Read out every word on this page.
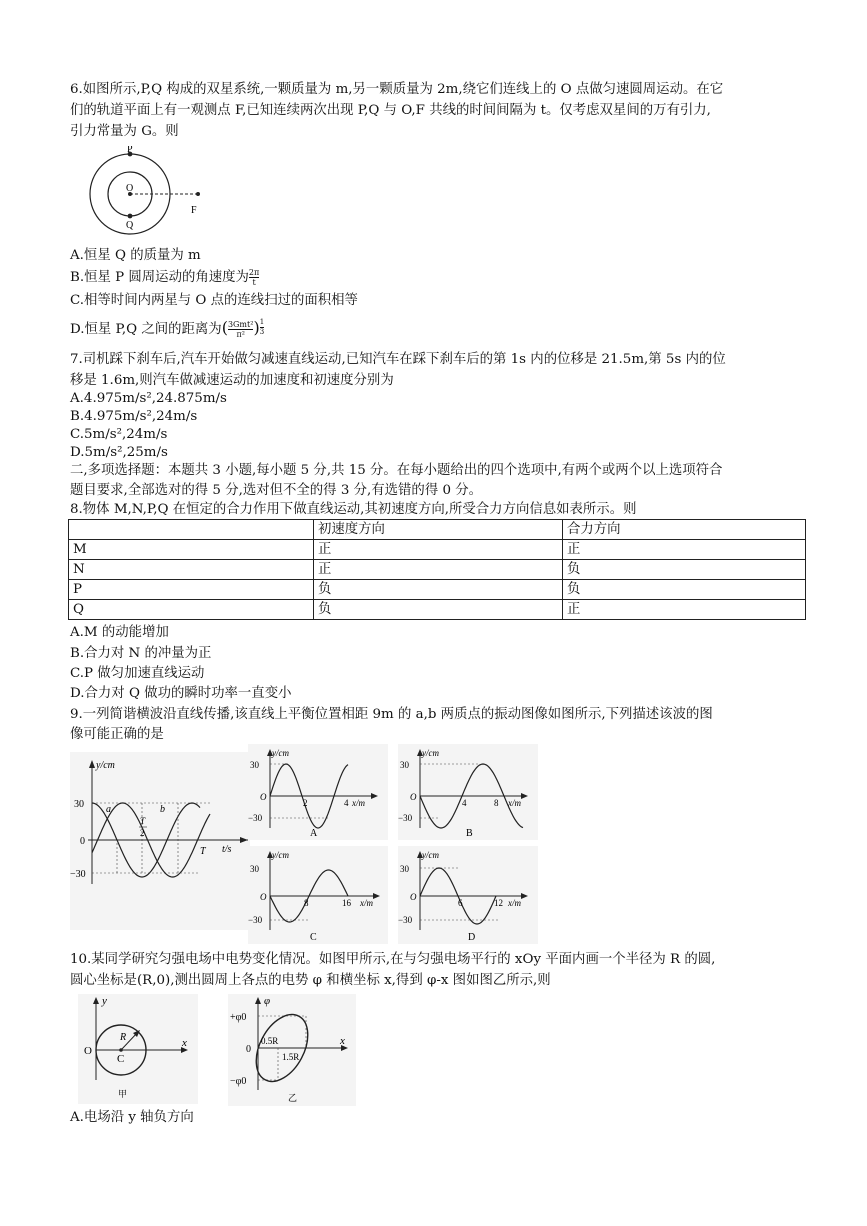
6.如图所示,P,Q 构成的双星系统,一颗质量为 m,另一颗质量为 2m,绕它们连线上的 O 点做匀速圆周运动。在它
们的轨道平面上有一观测点 F,已知连续两次出现 P,Q 与 O,F 共线的时间间隔为 t。仅考虑双星间的万有引力,
引力常量为 G。则
P
O
Q
F
A.恒星 Q 的质量为 m
B.恒星 P 圆周运动的角速度为 $\frac{2\pi}{t}$
C.相等时间内两星与 O 点的连线扫过的面积相等
D.恒星 P,Q 之间的距离为( $\frac{\text{3Gmt²}}{\text{π²}}$ ) $\frac{1}{3}$
7.司机踩下刹车后,汽车开始做匀减速直线运动,已知汽车在踩下刹车后的第 1s 内的位移是 21.5m,第 5s 内的位
移是 1.6m,则汽车做减速运动的加速度和初速度分别为
A.4.975m/s²,24.875m/s
B.4.975m/s²,24m/s
C.5m/s²,24m/s
D.5m/s²,25m/s
二,多项选择题：本题共 3 小题,每小题 5 分,共 15 分。在每小题给出的四个选项中,有两个或两个以上选项符合
题目要求,全部选对的得 5 分,选对但不全的得 3 分,有选错的得 0 分。
8.物体 M,N,P,Q 在恒定的合力作用下做直线运动,其初速度方向,所受合力方向信息如表所示。则
	初速度方向	合力方向
M	正	正
N	正	负
P	负	负
Q	负	正
A.M 的动能增加
B.合力对 N 的冲量为正
C.P 做匀加速直线运动
D.合力对 Q 做功的瞬时功率一直变小
9.一列简谐横波沿直线传播,该直线上平衡位置相距 9m 的 a,b 两质点的振动图像如图所示,下列描述该波的图
像可能正确的是
y/cm
t/s
30
0
−30
a	b
T
2
T
y/cm
30
−30
O
2	4 x/m
A
y/cm
30
−30
O
4	8 x/m
B
y/cm
30
−30
O
8	16 x/m
C
y/cm
30
−30
O
6	12 x/m
D
10.某同学研究匀强电场中电势变化情况。如图甲所示,在与匀强电场平行的 xOy 平面内画一个半径为 R 的圆,
圆心坐标是(R,0),测出圆周上各点的电势 φ 和横坐标 x,得到 φ-x 图如图乙所示,则
y
x
O
C
R
甲
φ
x
+φ0
0
−φ0
0.5R
1.5R
乙
A.电场沿 y 轴负方向
